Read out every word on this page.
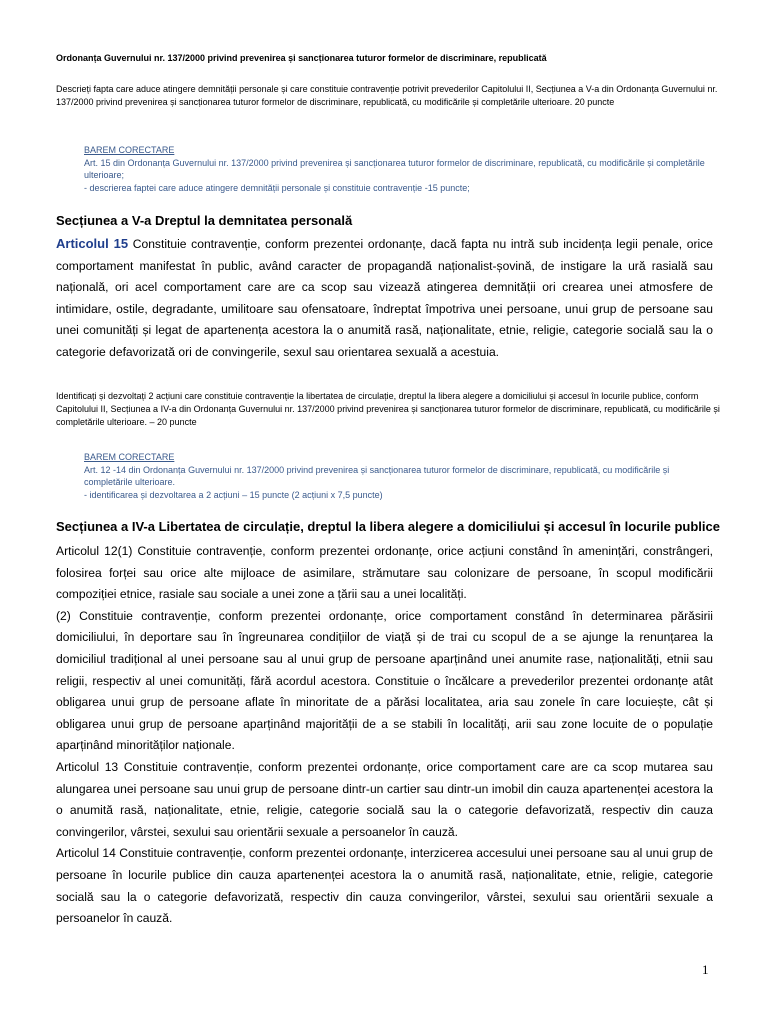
Ordonanța Guvernului nr. 137/2000 privind prevenirea și sancționarea tuturor formelor de discriminare, republicată
Descrieți fapta care aduce atingere demnității personale și care constituie contravenție potrivit prevederilor Capitolului II, Secțiunea a V-a din Ordonanța Guvernului nr. 137/2000 privind prevenirea și sancționarea tuturor formelor de discriminare, republicată, cu modificările și completările ulterioare. 20 puncte
BAREM CORECTARE
Art. 15 din Ordonanța Guvernului nr. 137/2000 privind prevenirea și sancționarea tuturor formelor de discriminare, republicată, cu modificările și completările ulterioare;
- descrierea faptei care aduce atingere demnității personale și constituie contravenție -15 puncte;
Secțiunea a V-a Dreptul la demnitatea personală

Articolul 15 Constituie contravenție, conform prezentei ordonanțe, dacă fapta nu intră sub incidența legii penale, orice comportament manifestat în public, având caracter de propagandă naționalist-șovină, de instigare la ură rasială sau națională, ori acel comportament care are ca scop sau vizează atingerea demnității ori crearea unei atmosfere de intimidare, ostile, degradante, umilitoare sau ofensatoare, îndreptat împotriva unei persoane, unui grup de persoane sau unei comunități și legat de apartenența acestora la o anumită rasă, naționalitate, etnie, religie, categorie socială sau la o categorie defavorizată ori de convingerile, sexul sau orientarea sexuală a acestuia.

Identificați și dezvoltați 2 acțiuni care constituie contravenție la libertatea de circulație, dreptul la libera alegere a domiciliului și accesul în locurile publice, conform Capitolului II, Secțiunea a IV-a din Ordonanța Guvernului nr. 137/2000 privind prevenirea și sancționarea tuturor formelor de discriminare, republicată, cu modificările și completările ulterioare. – 20 puncte
BAREM CORECTARE
Art. 12 -14 din Ordonanța Guvernului nr. 137/2000 privind prevenirea și sancționarea tuturor formelor de discriminare, republicată, cu modificările și completările ulterioare.
- identificarea și dezvoltarea a 2 acțiuni – 15 puncte (2 acțiuni x 7,5 puncte)
Secțiunea a IV-a Libertatea de circulație, dreptul la libera alegere a domiciliului și accesul în locurile publice

Articolul 12(1) Constituie contravenție, conform prezentei ordonanțe, orice acțiuni constând în amenințări, constrângeri, folosirea forței sau orice alte mijloace de asimilare, strămutare sau colonizare de persoane, în scopul modificării compoziției etnice, rasiale sau sociale a unei zone a țării sau a unei localități.

(2) Constituie contravenție, conform prezentei ordonanțe, orice comportament constând în determinarea părăsirii domiciliului, în deportare sau în îngreunarea condițiilor de viață și de trai cu scopul de a se ajunge la renunțarea la domiciliul tradițional al unei persoane sau al unui grup de persoane aparținând unei anumite rase, naționalități, etnii sau religii, respectiv al unei comunități, fără acordul acestora. Constituie o încălcare a prevederilor prezentei ordonanțe atât obligarea unui grup de persoane aflate în minoritate de a părăsi localitatea, aria sau zonele în care locuiește, cât și obligarea unui grup de persoane aparținând majorității de a se stabili în localități, arii sau zone locuite de o populație aparținând minorităților naționale.

Articolul 13 Constituie contravenție, conform prezentei ordonanțe, orice comportament care are ca scop mutarea sau alungarea unei persoane sau unui grup de persoane dintr-un cartier sau dintr-un imobil din cauza apartenenței acestora la o anumită rasă, naționalitate, etnie, religie, categorie socială sau la o categorie defavorizată, respectiv din cauza convingerilor, vârstei, sexului sau orientării sexuale a persoanelor în cauză.

Articolul 14 Constituie contravenție, conform prezentei ordonanțe, interzicerea accesului unei persoane sau al unui grup de persoane în locurile publice din cauza apartenenței acestora la o anumită rasă, naționalitate, etnie, religie, categorie socială sau la o categorie defavorizată, respectiv din cauza convingerilor, vârstei, sexului sau orientării sexuale a persoanelor în cauză.

1
